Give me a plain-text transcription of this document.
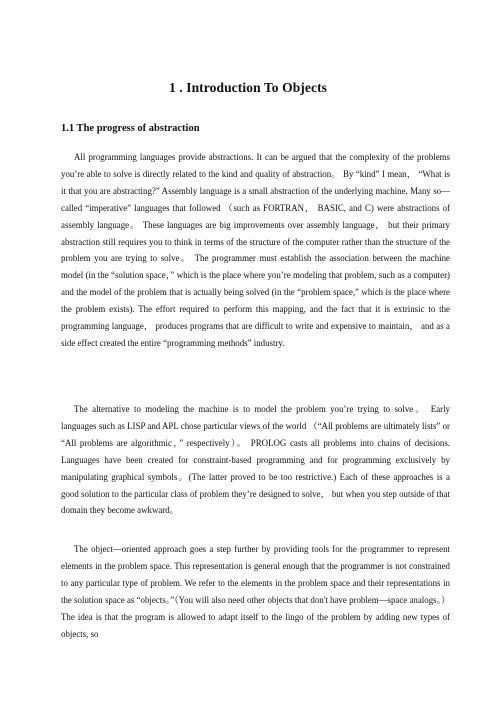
1 . Introduction To Objects
1.1 The progress of abstraction

All programming languages provide abstractions. It can be argued that the complexity of the problems you’re able to solve is directly related to the kind and quality of abstraction。 By “kind” I mean， “What is it that you are abstracting?” Assembly language is a small abstraction of the underlying machine. Many so—called “imperative” languages that followed （such as FORTRAN， BASIC, and C) were abstractions of assembly language。 These languages are big improvements over assembly language， but their primary abstraction still requires you to think in terms of the structure of the computer rather than the structure of the problem you are trying to solve。 The programmer must establish the association between the machine model (in the “solution space，” which is the place where you’re modeling that problem, such as a computer) and the model of the problem that is actually being solved (in the “problem space,” which is the place where the problem exists). The effort required to perform this mapping, and the fact that it is extrinsic to the programming language， produces programs that are difficult to write and expensive to maintain， and as a side effect created the entire “programming methods” industry.

The alternative to modeling the machine is to model the problem you’re trying to solve。 Early languages such as LISP and APL chose particular views of the world （“All problems are ultimately lists” or “All problems are algorithmic，” respectively）。 PROLOG casts all problems into chains of decisions. Languages have been created for constraint-based programming and for programming exclusively by manipulating graphical symbols。(The latter proved to be too restrictive.) Each of these approaches is a good solution to the particular class of problem they’re designed to solve， but when you step outside of that domain they become awkward。

The object—oriented approach goes a step further by providing tools for the programmer to represent elements in the problem space. This representation is general enough that the programmer is not constrained to any particular type of problem. We refer to the elements in the problem space and their representations in the solution space as “objects。”（You will also need other objects that don't have problem—space analogs。）The idea is that the program is allowed to adapt itself to the lingo of the problem by adding new types of objects, so
